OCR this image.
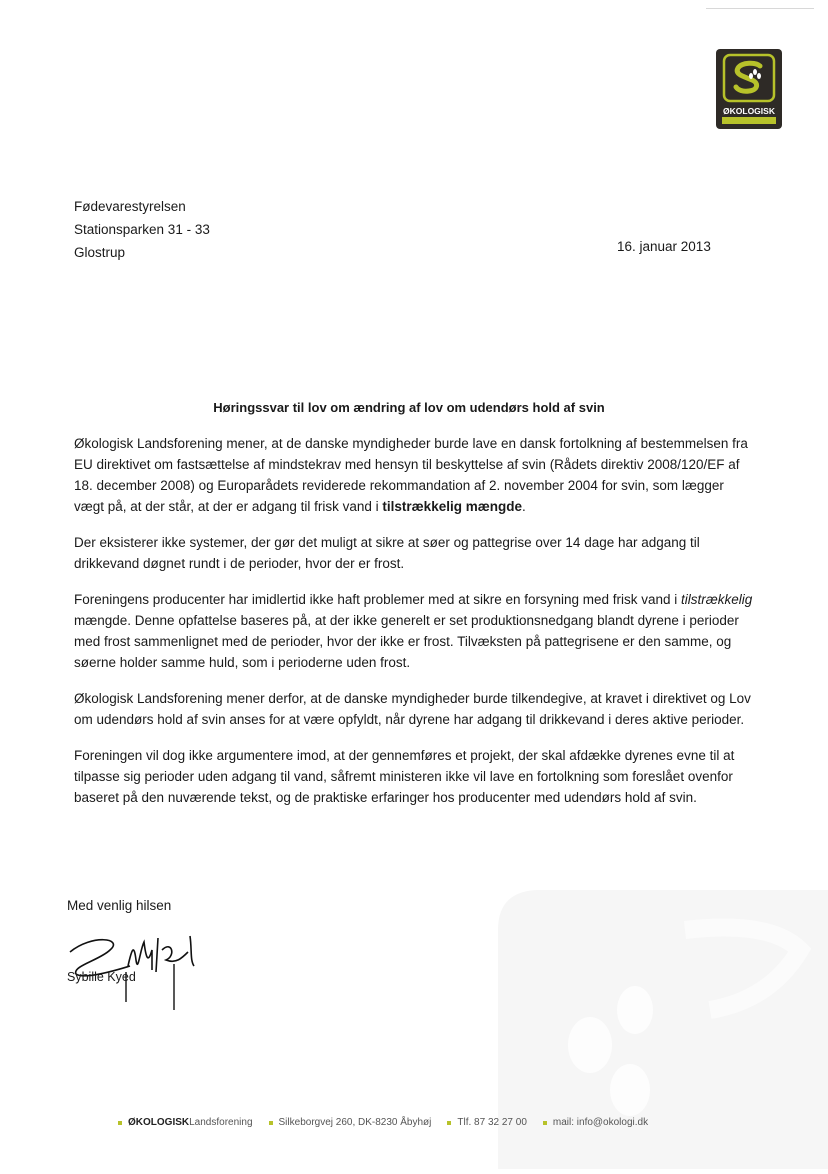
ØKOLOGISK
Fødevarestyrelsen
Stationsparken 31 - 33
Glostrup	16. januar 2013
Høringssvar til lov om ændring af lov om udendørs hold af svin

Økologisk Landsforening mener, at de danske myndigheder burde lave en dansk fortolkning af bestemmelsen fra EU direktivet om fastsættelse af mindstekrav med hensyn til beskyttelse af svin (Rådets direktiv 2008/120/EF af 18. december 2008) og Europarådets reviderede rekommandation af 2. november 2004 for svin, som lægger vægt på, at der står, at der er adgang til frisk vand i tilstrækkelig mængde.

Der eksisterer ikke systemer, der gør det muligt at sikre at søer og pattegrise over 14 dage har adgang til drikkevand døgnet rundt i de perioder, hvor der er frost.

Foreningens producenter har imidlertid ikke haft problemer med at sikre en forsyning med frisk vand i tilstrækkelig mængde. Denne opfattelse baseres på, at der ikke generelt er set produktionsnedgang blandt dyrene i perioder med frost sammenlignet med de perioder, hvor der ikke er frost. Tilvæksten på pattegrisene er den samme, og søerne holder samme huld, som i perioderne uden frost.

Økologisk Landsforening mener derfor, at de danske myndigheder burde tilkendegive, at kravet i direktivet og Lov om udendørs hold af svin anses for at være opfyldt, når dyrene har adgang til drikkevand i deres aktive perioder.

Foreningen vil dog ikke argumentere imod, at der gennemføres et projekt, der skal afdække dyrenes evne til at tilpasse sig perioder uden adgang til vand, såfremt ministeren ikke vil lave en fortolkning som foreslået ovenfor baseret på den nuværende tekst, og de praktiske erfaringer hos producenter med udendørs hold af svin.

Med venlig hilsen
Sybille Kyed
ØKOLOGISKLandsforening	Silkeborgvej 260, DK-8230 Åbyhøj	Tlf. 87 32 27 00	mail: info@okologi.dk
